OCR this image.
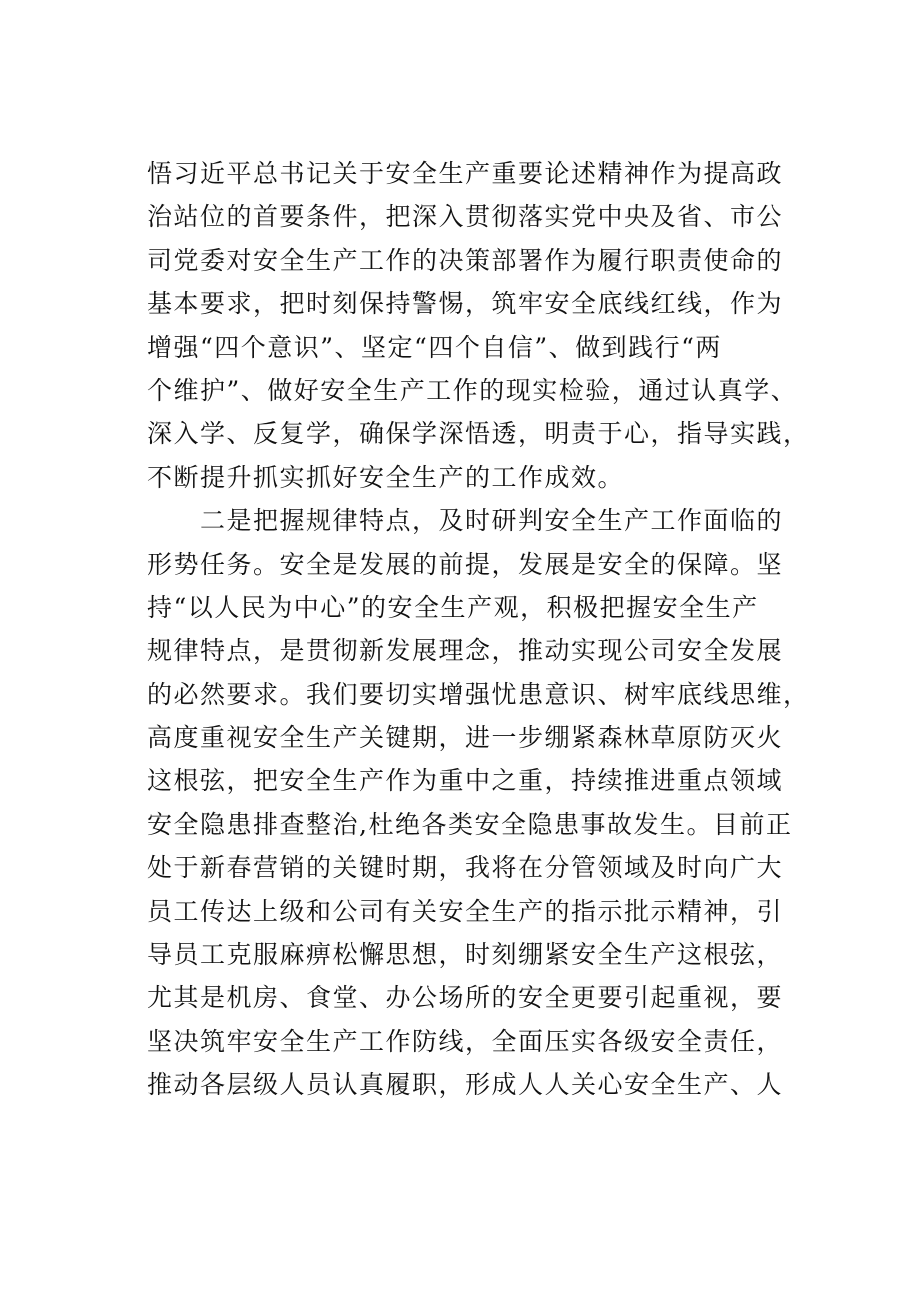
悟习近平总书记关于安全生产重要论述精神作为提高政
治站位的首要条件，把深入贯彻落实党中央及省、市公
司党委对安全生产工作的决策部署作为履行职责使命的
基本要求，把时刻保持警惕，筑牢安全底线红线，作为
增强“四个意识”、坚定“四个自信”、做到践行“两
个维护”、做好安全生产工作的现实检验，通过认真学、
深入学、反复学，确保学深悟透，明责于心，指导实践，
不断提升抓实抓好安全生产的工作成效。
　　二是把握规律特点，及时研判安全生产工作面临的
形势任务。安全是发展的前提，发展是安全的保障。坚
持“以人民为中心”的安全生产观，积极把握安全生产
规律特点，是贯彻新发展理念，推动实现公司安全发展
的必然要求。我们要切实增强忧患意识、树牢底线思维，
高度重视安全生产关键期，进一步绷紧森林草原防灭火
这根弦，把安全生产作为重中之重，持续推进重点领域
安全隐患排查整治,杜绝各类安全隐患事故发生。目前正
处于新春营销的关键时期，我将在分管领域及时向广大
员工传达上级和公司有关安全生产的指示批示精神，引
导员工克服麻痹松懈思想，时刻绷紧安全生产这根弦，
尤其是机房、食堂、办公场所的安全更要引起重视，要
坚决筑牢安全生产工作防线，全面压实各级安全责任，
推动各层级人员认真履职，形成人人关心安全生产、人
